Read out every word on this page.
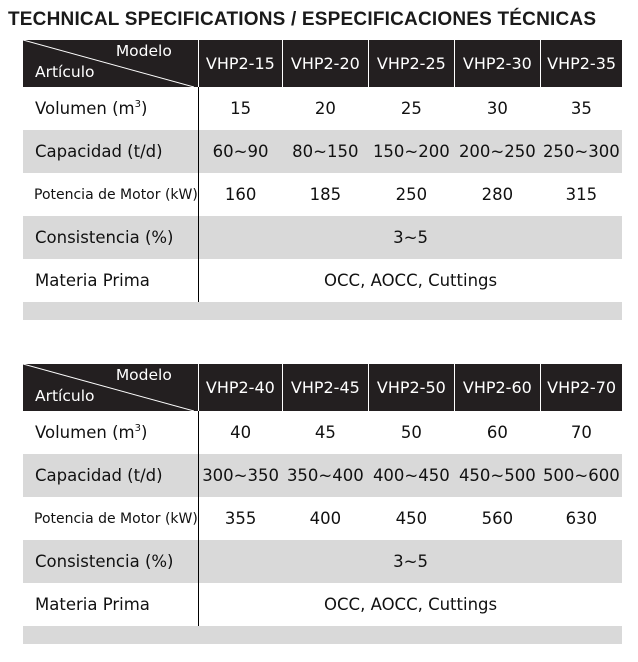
TECHNICAL SPECIFICATIONS / ESPECIFICACIONES TÉCNICAS
Modelo
Artículo	VHP2-15	VHP2-20	VHP2-25	VHP2-30	VHP2-35
Volumen $(m^3)$	15	20	25	30	35
Capacidad (t/d)	60~90	80~150	150~200	200~250	250~300
Potencia de Motor (kW)	160	185	250	280	315
Consistencia (%)	3~5				
Materia Prima	OCC, AOCC, Cuttings				

Modelo
Artículo	VHP2-40	VHP2-45	VHP2-50	VHP2-60	VHP2-70
Volumen $(m^3)$	40	45	50	60	70
Capacidad (t/d)	300~350	350~400	400~450	450~500	500~600
Potencia de Motor (kW)	355	400	450	560	630
Consistencia (%)	3~5				
Materia Prima	OCC, AOCC, Cuttings				
